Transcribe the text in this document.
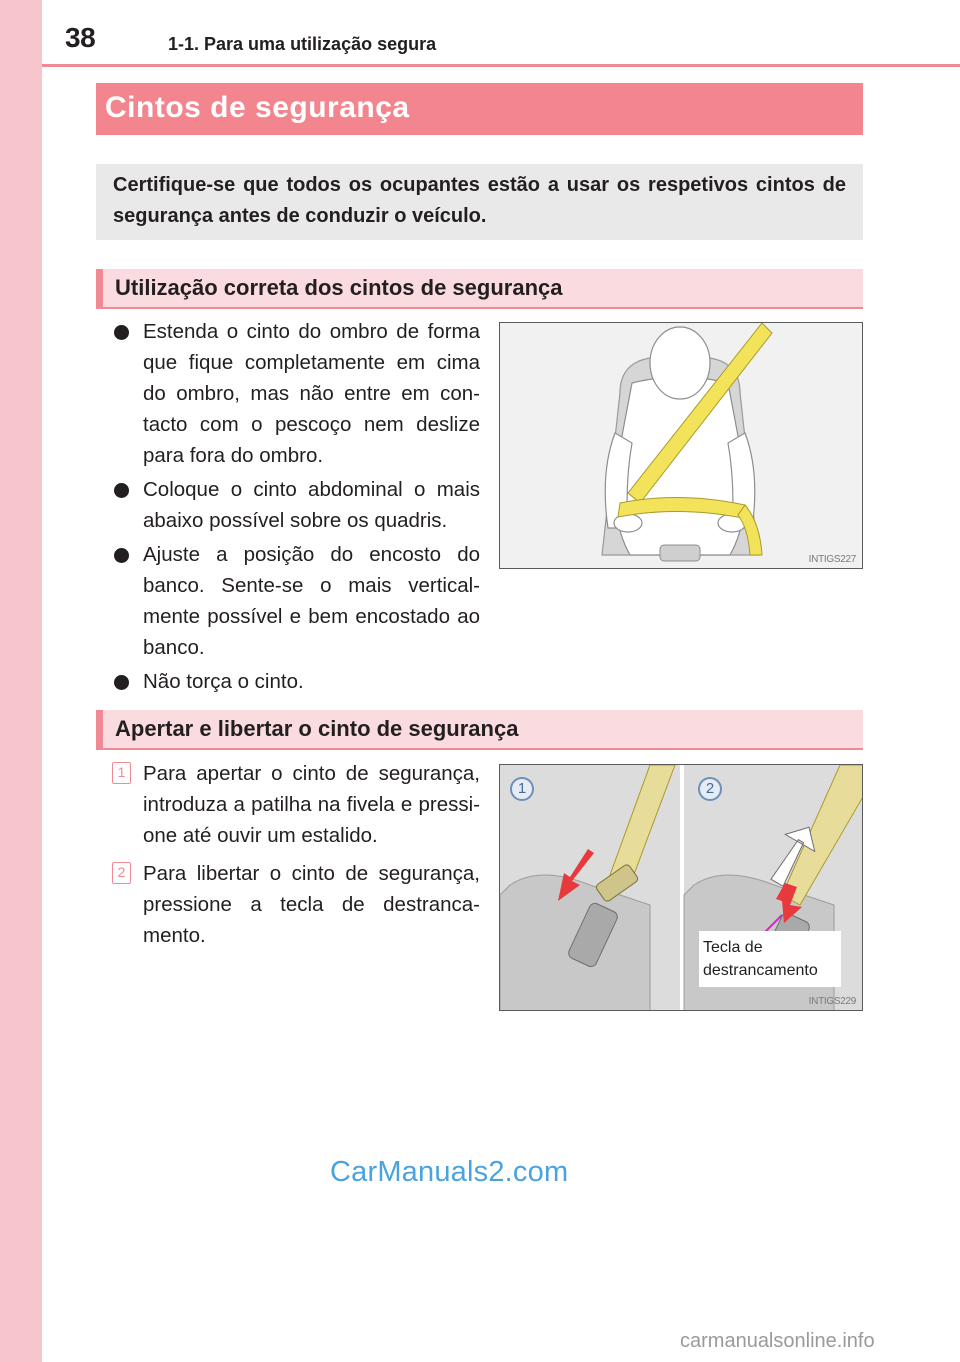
38	1-1. Para uma utilização segura
Cintos de segurança

Certifique-se que todos os ocupantes estão a usar os respetivos cintos de segurança antes de conduzir o veículo.

Utilização correta dos cintos de segurança
Estenda o cinto do ombro de forma que fique completamente em cima do ombro, mas não entre em con-tacto com o pescoço nem deslize para fora do ombro.
Coloque o cinto abdominal o mais abaixo possível sobre os quadris.
Ajuste a posição do encosto do banco. Sente-se o mais vertical-mente possível e bem encostado ao banco.
Não torça o cinto.
INTIGS227
Apertar e libertar o cinto de segurança
1 Para apertar o cinto de segurança, introduza a patilha na fivela e pressi-one até ouvir um estalido.
2 Para libertar o cinto de segurança, pressione a tecla de destranca-mento.
1	2
Tecla de
destrancamento
INTIGS229
CarManuals2.com
carmanualsonline.info
